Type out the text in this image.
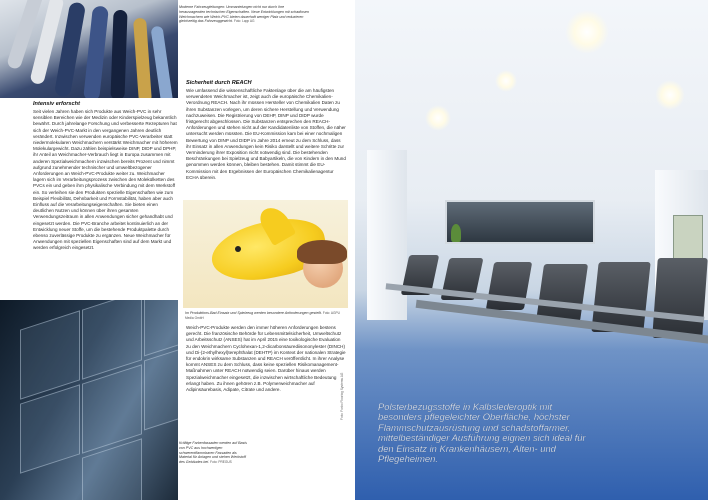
Moderne Fahrzeugleitungen: Ummantelungen nicht nur durch ihre herausragenden technischen Eigenschaften. Neue Entwicklungen mit schadlosen Weichmachern wie Weich-PVC bieten dauerhaft weniger Platz und reduzieren gleichzeitig das Fahrzeuggewicht. Foto: Lapp AG
Intensiv erforscht

Seit vielen Jahren haben sich Produkte aus Weich-PVC in sehr sensiblen Bereichen wie der Medizin oder Kinderspielzeug bekanntlich bewährt. Durch jahrelange Forschung und verbesserte Rezepturen hat sich der Weich-PVC-Markt in den vergangenen Jahren deutlich verändert. Inzwischen verwenden europäische PVC-Verarbeiter statt niedermolekularen Weichmachern verstärkt Weichmacher mit höherem Molekulargewicht. Dazu zählen beispielsweise DINP, DIDP und DPHP, ihr Anteil an Weichmacher-Verbrauch liegt in Europa zusammen mit anderen Spezialweichmachern inzwischen bereits Prozent und nimmt aufgrund zunehmender technischer und umweltbezogener Anforderungen an Weich-PVC-Produkte weiter zu. Weichmacher lagern sich im Verarbeitungsprozess zwischen den Molekülketten des PVCs ein und geben ihm physikalische Verbindung mit dem Werkstoff ein. So verleihen sie den Produkten spezielle Eigenschaften wie zum Beispiel Flexibilität, Dehnbarkeit und Formstabilität, haben aber auch Einfluss auf die Verarbeitungseigenschaften. Sie bieten einen deutlichen Nutzen und können über ihren gesamten Verwendungszeitraum in allen Anwendungen sicher gehandhabt und eingesetzt werden. Die PVC-Branche arbeitet kontinuierlich an der Entwicklung neuer Stoffe, um die bestehende Produktpalette durch ebenso zuverlässige Produkte zu ergänzen. Neue Weichmacher für Anwendungen mit speziellen Eigenschaften sind auf dem Markt und werden erfolgreich eingesetzt.

Sicherheit durch REACH

Wie umfassend die wissenschaftliche Faktenlage über die am häufigsten verwendeten Weichmacher ist, zeigt auch die europäische Chemikalien-Verordnung REACH. Nach ihr müssen Hersteller von Chemikalien Daten zu ihren Substanzen vorlegen, um deren sichere Herstellung und Verwendung nachzuweisen. Die Registrierung von DEHP, DINP und DIDP wurde fristgerecht abgeschlossen. Die Substanzen entsprechen den REACH-Anforderungen und stehen nicht auf der Kandidatenliste von Stoffen, die näher untersucht werden müssten. Die EU-Kommission kam bei einer nochmaligen Bewertung von DINP und DIDP im Jahre 2014 erneut zu dem Schluss, dass ihr Einsatz in allen Anwendungen kein Risiko darstellt und weitere Schritte zur Verminderung ihrer Exposition nicht notwendig sind. Die bestehenden Beschränkungen bei Spielzeug und Babyartikeln, die von Kindern in den Mund genommen werden können, bleiben bestehen. Damit stimmt die EU-Kommission mit den Ergebnissen der Europäischen Chemikalienagentur ECHA überein.

Im Produktions-Bad Einsatz und Spielzeug werden besondere Anforderungen gestellt. Foto: AGPU Media GmbH

Weich-PVC-Produkte werden den immer höheren Anforderungen bestens gerecht. Die französische Behörde für Lebensmittelsicherheit, Umweltschutz und Arbeitsschutz (ANSES) hat im April 2015 eine toxikologische Evaluation zu den Weichmachern Cyclohexan-1,2-dicarbonsäurediisononylester (DINCH) und Di-(2-ethylhexyl)terephthalat (DEHTP) im Kontext der nationalen Strategie für endokrin wirksame Substanzen und REACH veröffentlicht. In ihrer Analyse kommt ANSES zu dem Schluss, dass keine speziellen Risikomanagement-Maßnahmen unter REACH notwendig seien. Darüber hinaus werden Spezialweichmacher eingesetzt, die inzwischen wirtschaftliche Bedeutung erlangt haben. Zu ihnen gehören z.B. Polymerweichmacher auf Adipinsäurebasis, Adipate, Citrate und andere.

Kräftige Farbenfassaden werden auf Basis von PVC aus hochwertigen schwerentflammbaren Fassaden als Material für Anlagen und stehen Werkstoff des Gebäudes bei. Foto: PREGUS
Foto: Forbo Flooring Systems AG	Polsterbezugsstoffe in Kalbslederoptik mit besonders pflegeleichter Oberfläche, höchster Flammschutzausrüstung und schadstoffarmer, mittelbeständiger Ausführung eignen sich ideal für den Einsatz in Krankenhäusern, Alten- und Pflegeheimen.
